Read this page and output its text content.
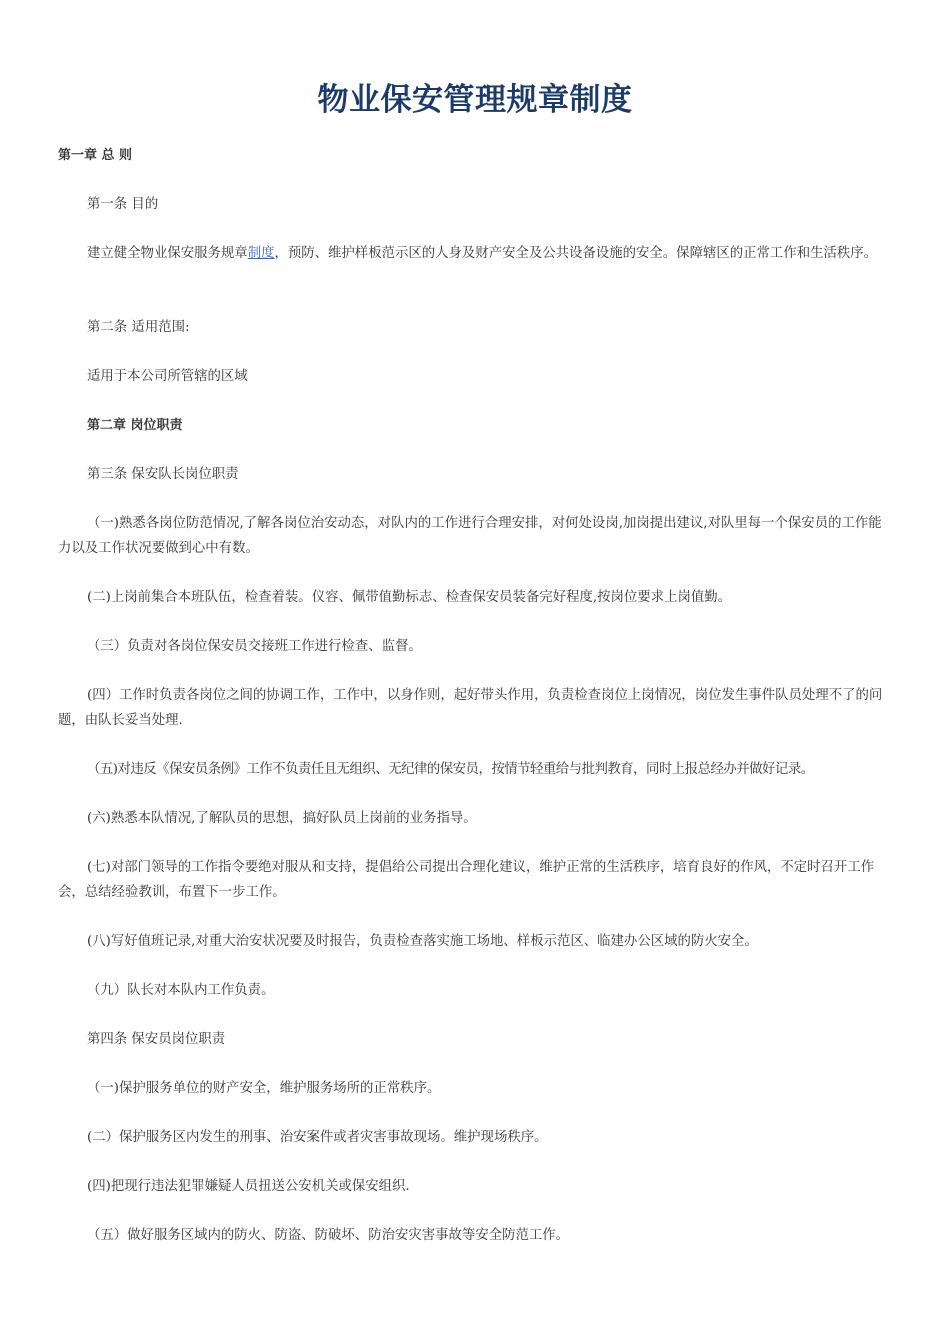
物业保安管理规章制度

第一章 总 则

第一条 目的

建立健全物业保安服务规章制度，预防、维护样板范示区的人身及财产安全及公共设备设施的安全。保障辖区的正常工作和生活秩序。

第二条 适用范围:

适用于本公司所管辖的区域

第二章 岗位职责

第三条 保安队长岗位职责

（一)熟悉各岗位防范情况,了解各岗位治安动态，对队内的工作进行合理安排，对何处设岗,加岗提出建议,对队里每一个保安员的工作能力以及工作状况要做到心中有数。

(二)上岗前集合本班队伍，检查着装。仪容、佩带值勤标志、检查保安员装备完好程度,按岗位要求上岗值勤。

（三）负责对各岗位保安员交接班工作进行检查、监督。

(四）工作时负责各岗位之间的协调工作，工作中，以身作则，起好带头作用，负责检查岗位上岗情况，岗位发生事件队员处理不了的问题，由队长妥当处理.

（五)对违反《保安员条例》工作不负责任且无组织、无纪律的保安员，按情节轻重给与批判教育，同时上报总经办并做好记录。

(六)熟悉本队情况,了解队员的思想，搞好队员上岗前的业务指导。

(七)对部门领导的工作指令要绝对服从和支持，提倡给公司提出合理化建议，维护正常的生活秩序，培育良好的作风，不定时召开工作会，总结经验教训，布置下一步工作。

(八)写好值班记录,对重大治安状况要及时报告，负责检查落实施工场地、样板示范区、临建办公区域的防火安全。

（九）队长对本队内工作负责。

第四条 保安员岗位职责

（一)保护服务单位的财产安全，维护服务场所的正常秩序。

(二）保护服务区内发生的刑事、治安案件或者灾害事故现场。维护现场秩序。

(四)把现行违法犯罪嫌疑人员扭送公安机关或保安组织.

（五）做好服务区域内的防火、防盗、防破坏、防治安灾害事故等安全防范工作。
